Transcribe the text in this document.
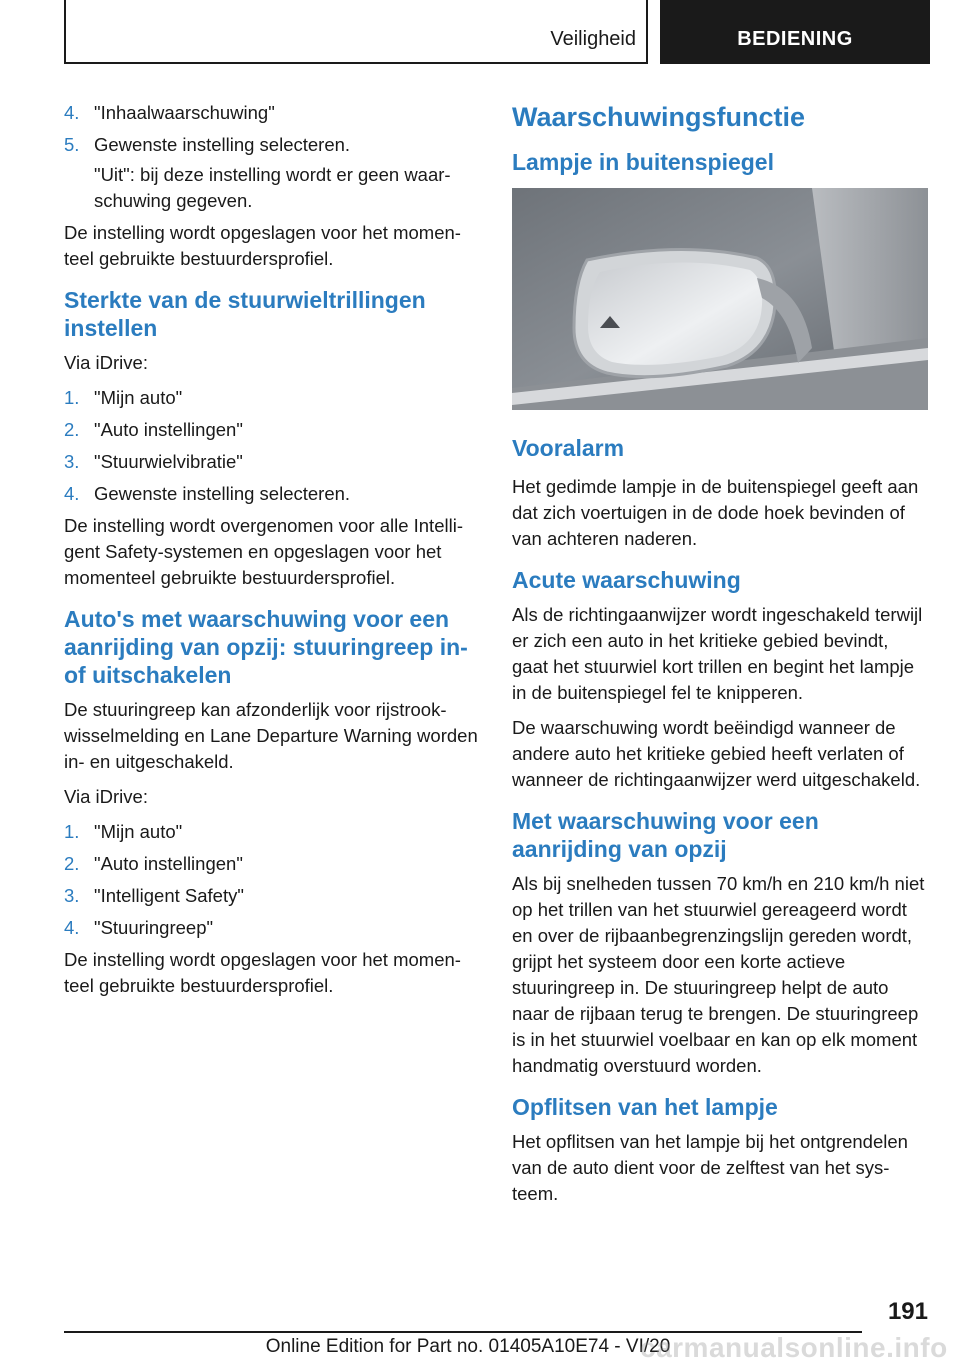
Veiligheid	BEDIENING
4. "Inhaalwaarschuwing"
5. Gewenste instelling selecteren.

"Uit": bij deze instelling wordt er geen waarschuwing gegeven.

De instelling wordt opgeslagen voor het momenteel gebruikte bestuurdersprofiel.

Sterkte van de stuurwieltrillingen instellen

Via iDrive:

1. "Mijn auto"
2. "Auto instellingen"
3. "Stuurwielvibratie"
4. Gewenste instelling selecteren.

De instelling wordt overgenomen voor alle Intelligent Safety-systemen en opgeslagen voor het momenteel gebruikte bestuurdersprofiel.

Auto's met waarschuwing voor een aanrijding van opzij: stuuringreep in- of uitschakelen

De stuuringreep kan afzonderlijk voor rijstrookwisselmelding en Lane Departure Warning worden in- en uitgeschakeld.

Via iDrive:

1. "Mijn auto"
2. "Auto instellingen"
3. "Intelligent Safety"
4. "Stuuringreep"

De instelling wordt opgeslagen voor het momenteel gebruikte bestuurdersprofiel.

Waarschuwingsfunctie
Lampje in buitenspiegel
Vooralarm

Het gedimde lampje in de buitenspiegel geeft aan dat zich voertuigen in de dode hoek bevinden of van achteren naderen.

Acute waarschuwing

Als de richtingaanwijzer wordt ingeschakeld terwijl er zich een auto in het kritieke gebied bevindt, gaat het stuurwiel kort trillen en begint het lampje in de buitenspiegel fel te knipperen.

De waarschuwing wordt beëindigd wanneer de andere auto het kritieke gebied heeft verlaten of wanneer de richtingaanwijzer werd uitgeschakeld.

Met waarschuwing voor een aanrijding van opzij

Als bij snelheden tussen 70 km/h en 210 km/h niet op het trillen van het stuurwiel gereageerd wordt en over de rijbaanbegrenzingslijn gereden wordt, grijpt het systeem door een korte actieve stuuringreep in. De stuuringreep helpt de auto naar de rijbaan terug te brengen. De stuuringreep is in het stuurwiel voelbaar en kan op elk moment handmatig overstuurd worden.

Opflitsen van het lampje

Het opflitsen van het lampje bij het ontgrendelen van de auto dient voor de zelftest van het systeem.

191
Online Edition for Part no. 01405A10E74 - VI/20
carmanualsonline.info
